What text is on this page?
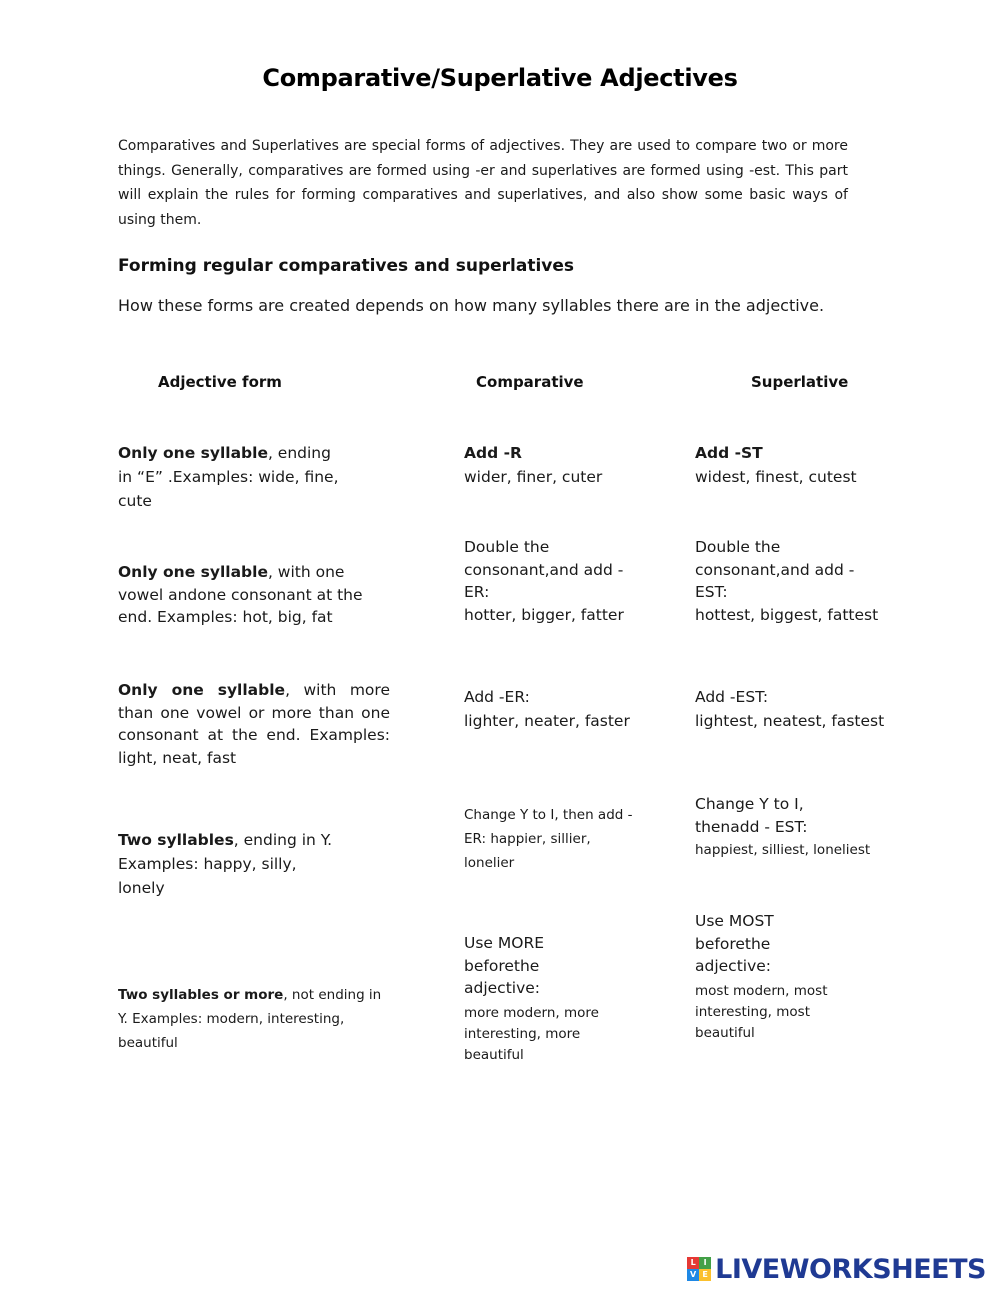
Comparative/Superlative Adjectives
Comparatives and Superlatives are special forms of adjectives. They are used to compare two or more things. Generally, comparatives are formed using -er and superlatives are formed using -est. This part will explain the rules for forming comparatives and superlatives, and also show some basic ways of using them.
Forming regular comparatives and superlatives
How these forms are created depends on how many syllables there are in the adjective.
Adjective form	Comparative	Superlative
Only one syllable, ending in “E” .Examples: wide, fine, cute
Add -R
wider, finer, cuter
Add -ST
widest, finest, cutest
Only one syllable, with one vowel andone consonant at the end. Examples: hot, big, fat
Double the consonant,and add - ER:
hotter, bigger, fatter
Double the consonant,and add - EST:
hottest, biggest, fattest
Only one syllable, with more than one vowel or more than one consonant at the end. Examples: light, neat, fast
Add -ER:
lighter, neater, faster
Add -EST:
lightest, neatest, fastest
Two syllables, ending in Y. Examples: happy, silly, lonely
Change Y to I, then add - ER: happier, sillier, lonelier
Change Y to I, thenadd - EST:
happiest, silliest, loneliest
Two syllables or more, not ending in Y. Examples: modern, interesting, beautiful
Use MORE beforethe adjective:
more modern, more interesting, more beautiful
Use MOST beforethe adjective:
most modern, most interesting, most beautiful
L I
V E LIVEWORKSHEETS
